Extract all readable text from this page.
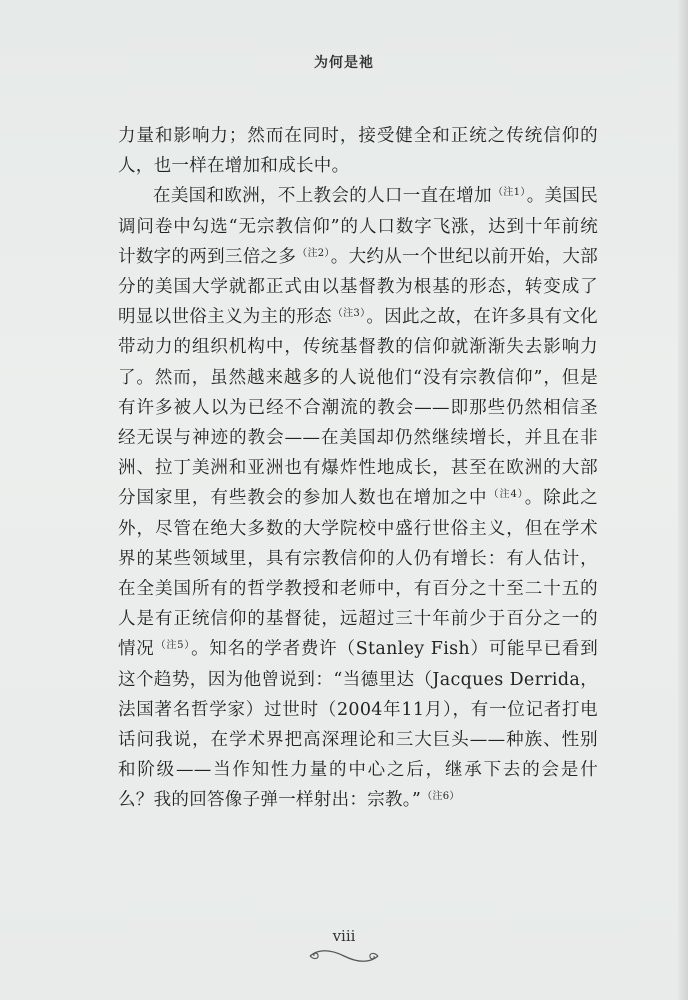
为何是祂

力量和影响力；然而在同时，接受健全和正统之传统信仰的人，也一样在增加和成长中。

在美国和欧洲，不上教会的人口一直在增加$^{(注1)}$。美国民调问卷中勾选“无宗教信仰”的人口数字飞涨，达到十年前统计数字的两到三倍之多$^{(注2)}$。大约从一个世纪以前开始，大部分的美国大学就都正式由以基督教为根基的形态，转变成了明显以世俗主义为主的形态$^{(注3)}$。因此之故，在许多具有文化带动力的组织机构中，传统基督教的信仰就渐渐失去影响力了。然而，虽然越来越多的人说他们“没有宗教信仰”，但是有许多被人以为已经不合潮流的教会——即那些仍然相信圣经无误与神迹的教会——在美国却仍然继续增长，并且在非洲、拉丁美洲和亚洲也有爆炸性地成长，甚至在欧洲的大部分国家里，有些教会的参加人数也在增加之中$^{(注4)}$。除此之外，尽管在绝大多数的大学院校中盛行世俗主义，但在学术界的某些领域里，具有宗教信仰的人仍有增长：有人估计，在全美国所有的哲学教授和老师中，有百分之十至二十五的人是有正统信仰的基督徒，远超过三十年前少于百分之一的情况$^{(注5)}$。知名的学者费许（Stanley Fish）可能早已看到这个趋势，因为他曾说到：“当德里达（Jacques Derrida，法国著名哲学家）过世时（2004年11月），有一位记者打电话问我说，在学术界把高深理论和三大巨头——种族、性别和阶级——当作知性力量的中心之后，继承下去的会是什么？我的回答像子弹一样射出：宗教。”$^{(注6)}$

viii
